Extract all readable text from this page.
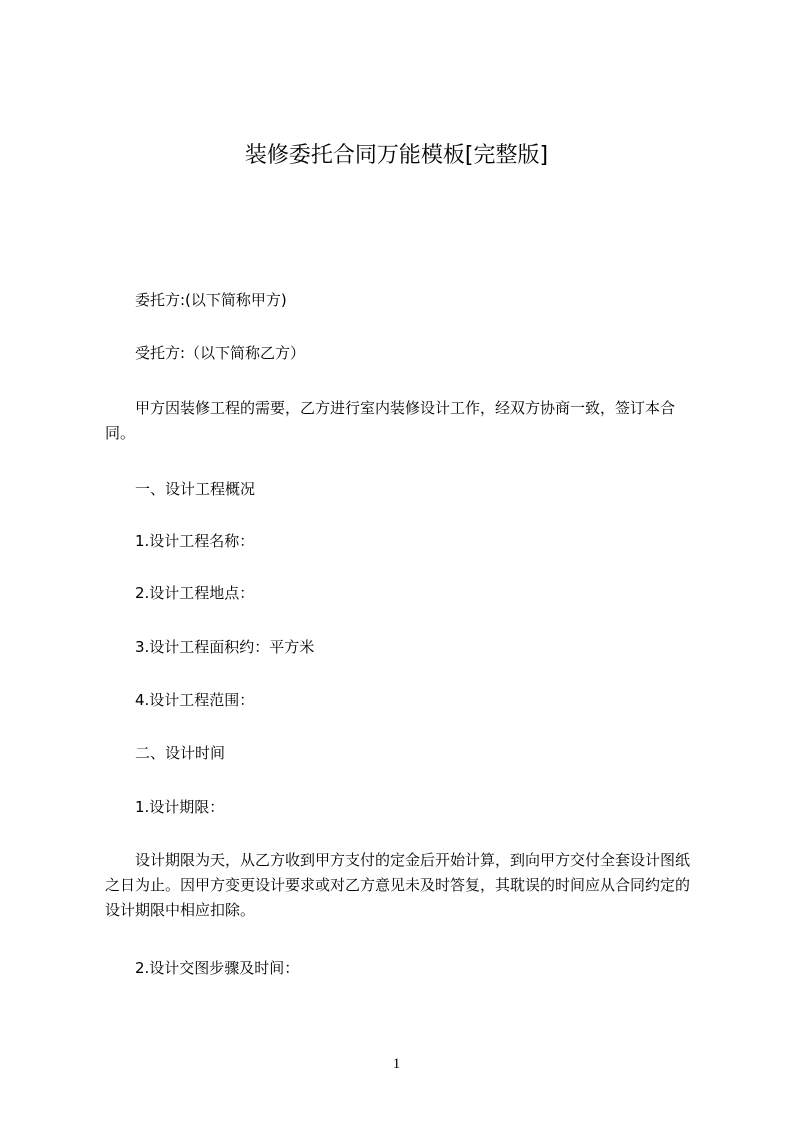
装修委托合同万能模板[完整版]

委托方:(以下简称甲方)

受托方:（以下简称乙方）

甲方因装修工程的需要，乙方进行室内装修设计工作，经双方协商一致，签订本合同。

一、设计工程概况

1.设计工程名称：

2.设计工程地点：

3.设计工程面积约：平方米

4.设计工程范围：

二、设计时间

1.设计期限：

设计期限为天，从乙方收到甲方支付的定金后开始计算，到向甲方交付全套设计图纸之日为止。因甲方变更设计要求或对乙方意见未及时答复，其耽误的时间应从合同约定的设计期限中相应扣除。

2.设计交图步骤及时间：

1
